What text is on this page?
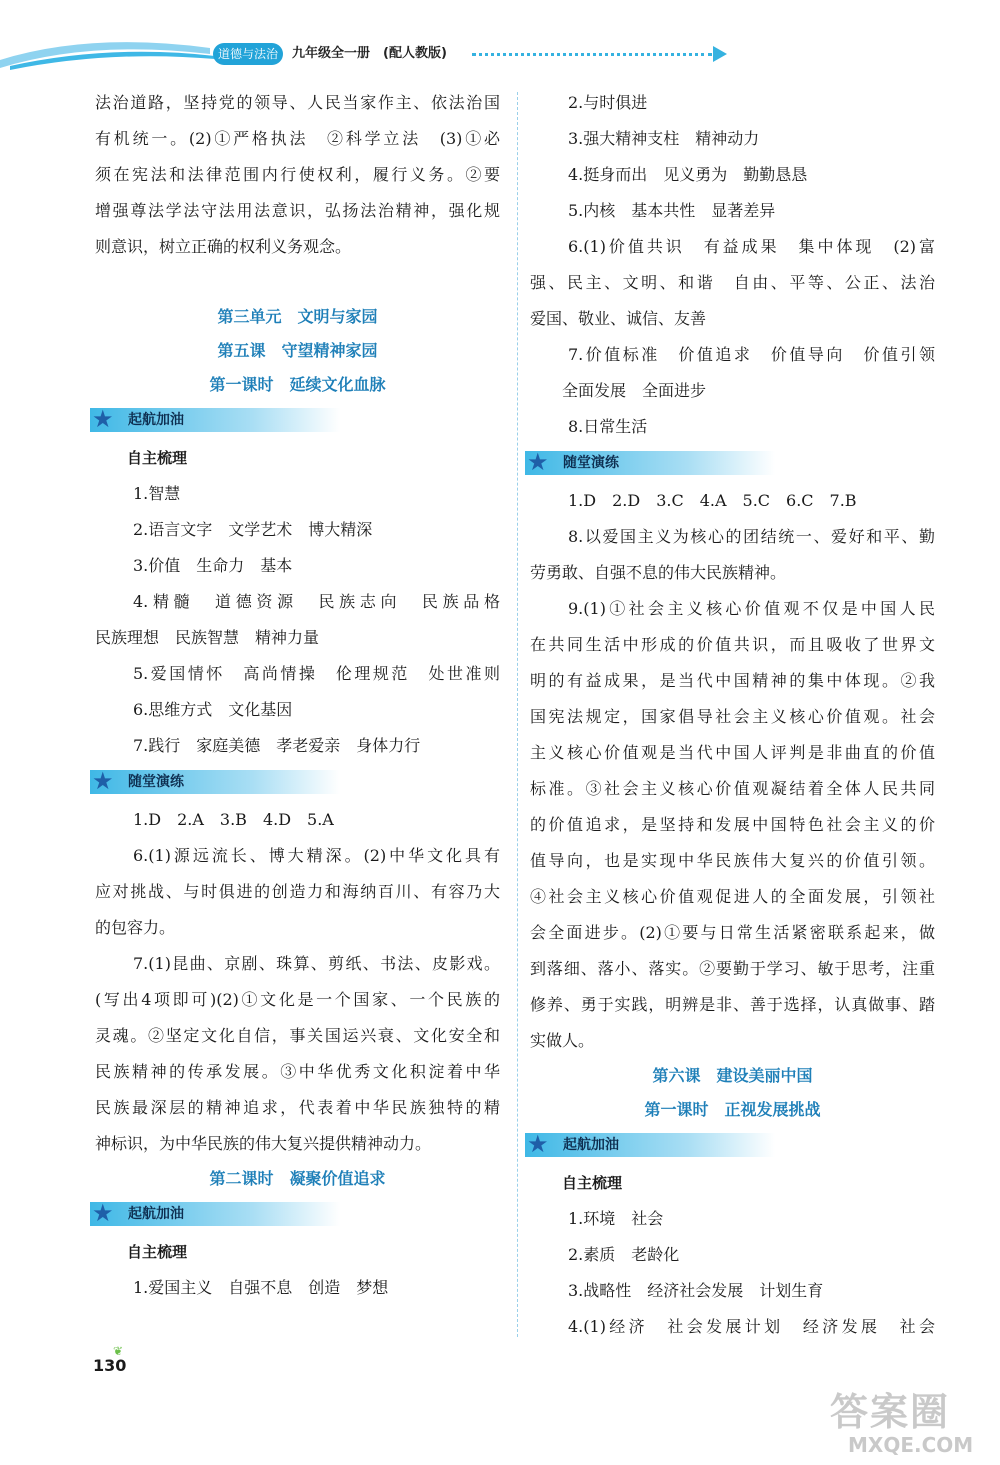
道德与法治	九年级全一册　(配人教版)
法治道路，坚持党的领导、人民当家作主、依法治国
有机统一。(2)①严格执法　②科学立法　(3)①必
须在宪法和法律范围内行使权利，履行义务。②要
增强尊法学法守法用法意识，弘扬法治精神，强化规
则意识，树立正确的权利义务观念。
第三单元　文明与家园
第五课　守望精神家园
第一课时　延续文化血脉
★ 起航加油
自主梳理
1.智慧
2.语言文字　文学艺术　博大精深
3.价值　生命力　基本
4.精髓　道德资源　民族志向　民族品格
民族理想　民族智慧　精神力量
5.爱国情怀　高尚情操　伦理规范　处世准则
6.思维方式　文化基因
7.践行　家庭美德　孝老爱亲　身体力行
★ 随堂演练
1.D　2.A　3.B　4.D　5.A
6.(1)源远流长、博大精深。(2)中华文化具有
应对挑战、与时俱进的创造力和海纳百川、有容乃大
的包容力。
7.(1)昆曲、京剧、珠算、剪纸、书法、皮影戏。
(写出4项即可)(2)①文化是一个国家、一个民族的
灵魂。②坚定文化自信，事关国运兴衰、文化安全和
民族精神的传承发展。③中华优秀文化积淀着中华
民族最深层的精神追求，代表着中华民族独特的精
神标识，为中华民族的伟大复兴提供精神动力。
第二课时　凝聚价值追求
★ 起航加油
自主梳理
1.爱国主义　自强不息　创造　梦想
2.与时俱进
3.强大精神支柱　精神动力
4.挺身而出　见义勇为　勤勤恳恳
5.内核　基本共性　显著差异
6.(1)价值共识　有益成果　集中体现　(2)富
强、民主、文明、和谐　自由、平等、公正、法治
爱国、敬业、诚信、友善
7.价值标准　价值追求　价值导向　价值引领
全面发展　全面进步
8.日常生活
★ 随堂演练
1.D　2.D　3.C　4.A　5.C　6.C　7.B
8.以爱国主义为核心的团结统一、爱好和平、勤
劳勇敢、自强不息的伟大民族精神。
9.(1)①社会主义核心价值观不仅是中国人民
在共同生活中形成的价值共识，而且吸收了世界文
明的有益成果，是当代中国精神的集中体现。②我
国宪法规定，国家倡导社会主义核心价值观。社会
主义核心价值观是当代中国人评判是非曲直的价值
标准。③社会主义核心价值观凝结着全体人民共同
的价值追求，是坚持和发展中国特色社会主义的价
值导向，也是实现中华民族伟大复兴的价值引领。
④社会主义核心价值观促进人的全面发展，引领社
会全面进步。(2)①要与日常生活紧密联系起来，做
到落细、落小、落实。②要勤于学习、敏于思考，注重
修养、勇于实践，明辨是非、善于选择，认真做事、踏
实做人。
第六课　建设美丽中国
第一课时　正视发展挑战
★ 起航加油
自主梳理
1.环境　社会
2.素质　老龄化
3.战略性　经济社会发展　计划生育
4.(1)经济　社会发展计划　经济发展　社会
❦
130
答案圈
MXQE.COM
